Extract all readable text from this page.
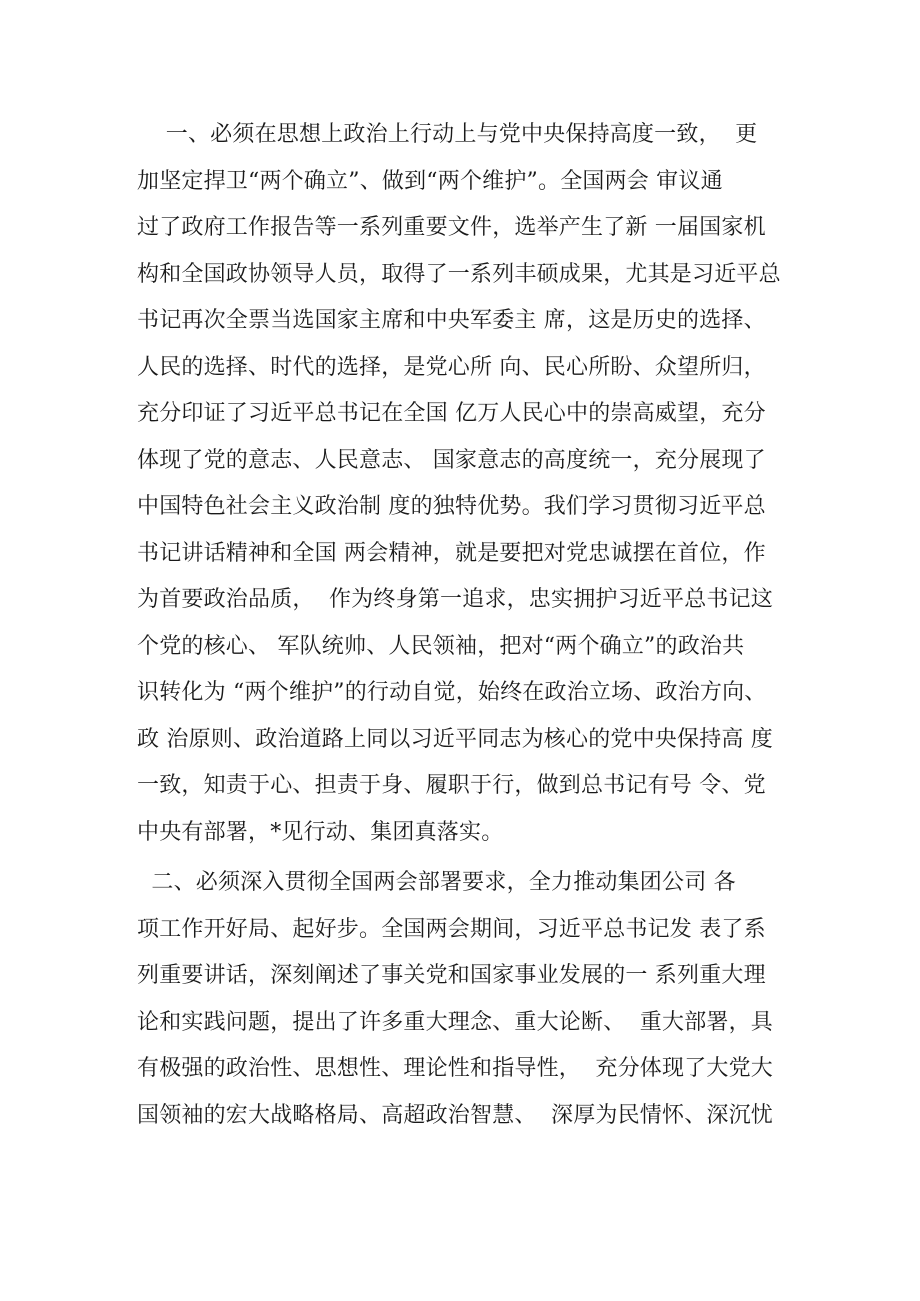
一、必须在思想上政治上行动上与党中央保持高度一致，  更
加坚定捍卫“两个确立”、做到“两个维护”。全国两会 审议通
过了政府工作报告等一系列重要文件，选举产生了新 一届国家机
构和全国政协领导人员，取得了一系列丰硕成果，尤其是习近平总
书记再次全票当选国家主席和中央军委主 席，这是历史的选择、
人民的选择、时代的选择，是党心所 向、民心所盼、众望所归，
充分印证了习近平总书记在全国 亿万人民心中的崇高威望，充分
体现了党的意志、人民意志、 国家意志的高度统一，充分展现了
中国特色社会主义政治制 度的独特优势。我们学习贯彻习近平总
书记讲话精神和全国 两会精神，就是要把对党忠诚摆在首位，作
为首要政治品质，  作为终身第一追求，忠实拥护习近平总书记这
个党的核心、 军队统帅、人民领袖，把对“两个确立”的政治共
识转化为 “两个维护”的行动自觉，始终在政治立场、政治方向、
政 治原则、政治道路上同以习近平同志为核心的党中央保持高 度
一致，知责于心、担责于身、履职于行，做到总书记有号 令、党
中央有部署，*见行动、集团真落实。
二、必须深入贯彻全国两会部署要求，全力推动集团公司 各
项工作开好局、起好步。全国两会期间，习近平总书记发 表了系
列重要讲话，深刻阐述了事关党和国家事业发展的一 系列重大理
论和实践问题，提出了许多重大理念、重大论断、  重大部署，具
有极强的政治性、思想性、理论性和指导性，  充分体现了大党大
国领袖的宏大战略格局、高超政治智慧、  深厚为民情怀、深沉忧
